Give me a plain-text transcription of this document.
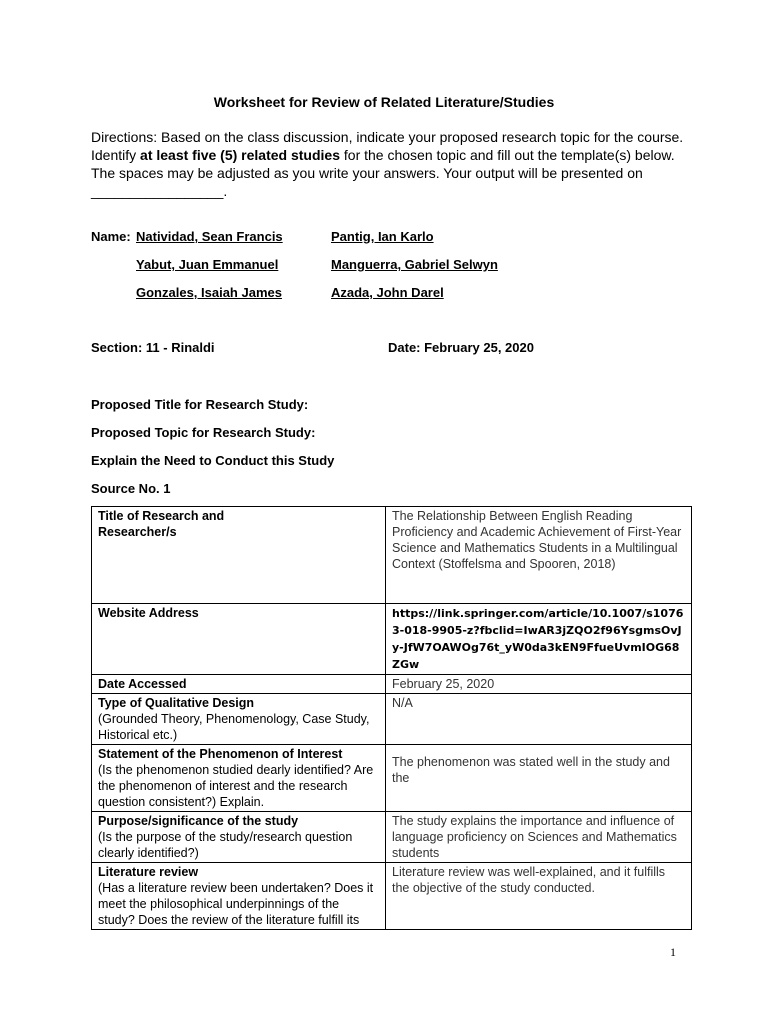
Worksheet for Review of Related Literature/Studies
Directions: Based on the class discussion, indicate your proposed research topic for the course. Identify at least five (5) related studies for the chosen topic and fill out the template(s) below. The spaces may be adjusted as you write your answers. Your output will be presented on _________________.
Name: Natividad, Sean Francis	Pantig, Ian Karlo
Yabut, Juan Emmanuel	Manguerra, Gabriel Selwyn
Gonzales, Isaiah James	Azada, John Darel
Section: 11 - Rinaldi	Date: February 25, 2020
Proposed Title for Research Study:
Proposed Topic for Research Study:
Explain the Need to Conduct this Study
Source No. 1
Title of Research and Researcher/s	The Relationship Between English Reading Proficiency and Academic Achievement of First-Year Science and Mathematics Students in a Multilingual Context (Stoffelsma and Spooren, 2018)

Website Address	https://link.springer.com/article/10.1007/s10763-018-9905-z?fbclid=IwAR3jZQO2f96YsgmsOvJy-JfW7OAWOg76t_yW0da3kEN9FfueUvmIOG68ZGw

Date Accessed	February 25, 2020

Type of Qualitative Design
(Grounded Theory, Phenomenology, Case Study, Historical etc.)	N/A

Statement of the Phenomenon of Interest
(Is the phenomenon studied dearly identified? Are the phenomenon of interest and the research question consistent?) Explain.	The phenomenon was stated well in the study and the

Purpose/significance of the study
(Is the purpose of the study/research question clearly identified?)	The study explains the importance and influence of language proficiency on Sciences and Mathematics students

Literature review
(Has a literature review been undertaken? Does it meet the philosophical underpinnings of the study? Does the review of the literature fulfill its	Literature review was well-explained, and it fulfills the objective of the study conducted.
1
